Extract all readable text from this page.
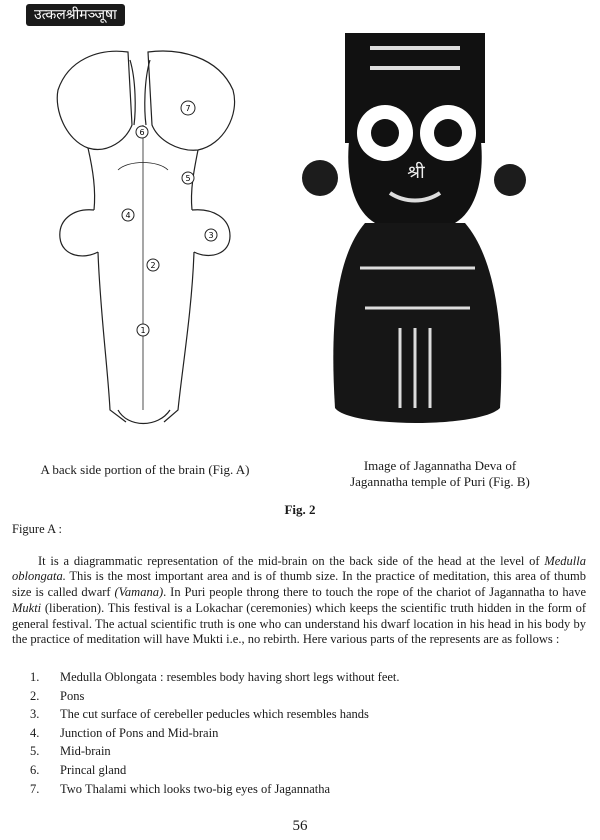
उत्कलश्रीमञ्जूषा
1
2
3
4
5
6
7
श्री
A back side portion of the brain (Fig. A)	Image of Jagannatha Deva of
Jagannatha temple of Puri (Fig. B)
Fig. 2
Figure A :

It is a diagrammatic representation of the mid-brain on the back side of the head at the level of Medulla oblongata. This is the most important area and is of thumb size. In the practice of meditation, this area of thumb size is called dwarf (Vamana). In Puri people throng there to touch the rope of the chariot of Jagannatha to have Mukti (liberation). This festival is a Lokachar (ceremonies) which keeps the scientific truth hidden in the form of general festival. The actual scientific truth is one who can understand his dwarf location in his head in his body by the practice of meditation will have Mukti i.e., no rebirth. Here various parts of the represents are as follows :

1.	Medulla Oblongata : resembles body having short legs without feet.
2.	Pons
3.	The cut surface of cerebeller peducles which resembles hands
4.	Junction of Pons and Mid-brain
5.	Mid-brain
6.	Princal gland
7.	Two Thalami which looks two-big eyes of Jagannatha
56
